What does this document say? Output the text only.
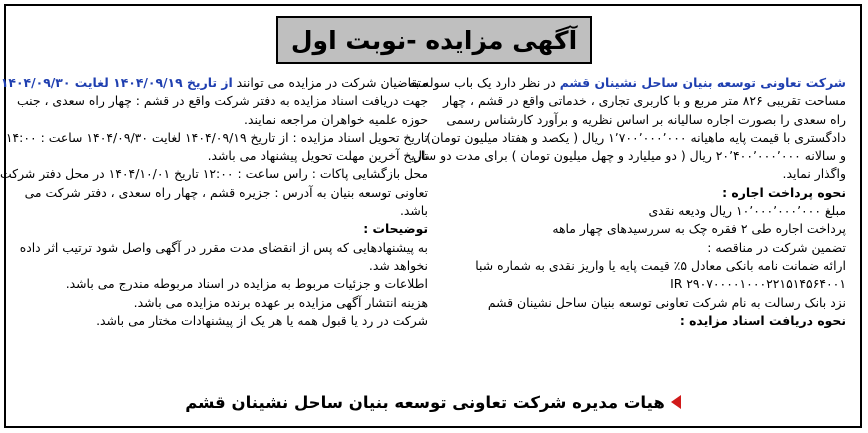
آگهی مزایده -نوبت اول
شرکت تعاونی توسعه بنیان ساحل نشینان قشم در نظر دارد یک باب سوله به
مساحت تقریبی ۸۲۶ متر مربع و با کاربری تجاری ، خدماتی واقع در قشم ، چهار
راه سعدی را بصورت اجاره سالیانه بر اساس نظریه و برآورد کارشناس رسمی
دادگستری با قیمت پایه ماهیانه ۱٬۷۰۰٬۰۰۰٬۰۰۰ ریال ( یکصد و هفتاد میلیون تومان)
و سالانه ۲۰٬۴۰۰٬۰۰۰٬۰۰۰ ریال ( دو میلیارد و چهل میلیون تومان ) برای مدت دو سال
واگذار نماید.
نحوه پرداخت اجاره :
مبلغ ۱۰٬۰۰۰٬۰۰۰٬۰۰۰ ریال ودیعه نقدی
پرداخت اجاره طی ۲ فقره چک به سررسیدهای چهار ماهه
تضمین شرکت در مناقصه :
ارائه ضمانت نامه بانکی معادل ۵٪ قیمت پایه یا واریز نقدی به شماره شبا
IR ۲۹۰۷۰۰۰۰۱۰۰۰۲۲۱۵۱۴۵۶۴۰۰۱
نزد بانک رسالت به نام شرکت تعاونی توسعه بنیان ساحل نشینان قشم
نحوه دریافت اسناد مزایده :
متقاضیان شرکت در مزایده می توانند از تاریخ ۱۴۰۴/۰۹/۱۹ لغایت ۱۴۰۴/۰۹/۳۰
جهت دریافت اسناد مزایده به دفتر شرکت واقع در قشم : چهار راه سعدی ، جنب
حوزه علمیه خواهران مراجعه نمایند.
تاریخ تحویل اسناد مزایده : از تاریخ ۱۴۰۴/۰۹/۱۹ لغایت ۱۴۰۴/۰۹/۳۰ ساعت : ۱۴:۰۰
تاریخ آخرین مهلت تحویل پیشنهاد می باشد.
محل بازگشایی پاکات : راس ساعت : ۱۲:۰۰ تاریخ ۱۴۰۴/۱۰/۰۱ در محل دفتر شرکت
تعاونی توسعه بنیان به آدرس : جزیره قشم ، چهار راه سعدی ، دفتر شرکت می
باشد.
توضیحات :
به پیشنهادهایی که پس از انقضای مدت مقرر در آگهی واصل شود ترتیب اثر داده
نخواهد شد.
اطلاعات و جزئیات مربوط به مزایده در اسناد مربوطه مندرج می باشد.
هزینه انتشار آگهی مزایده بر عهده برنده مزایده می باشد.
شرکت در رد یا قبول همه یا هر یک از پیشنهادات مختار می باشد.
هیات مدیره شرکت تعاونی توسعه بنیان ساحل نشینان قشم
